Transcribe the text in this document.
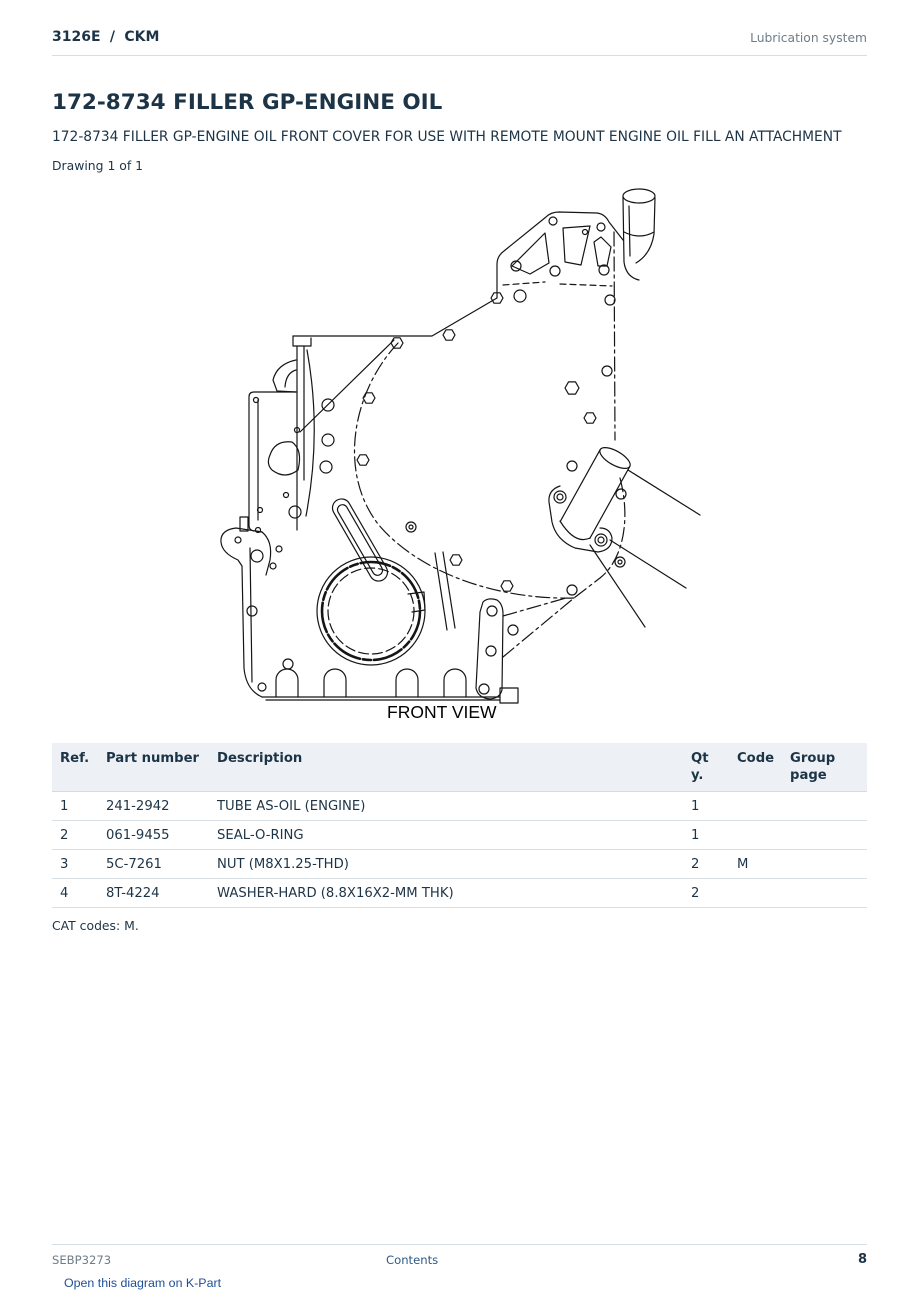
3126E / CKM	Lubrication system
172-8734 FILLER GP-ENGINE OIL
172-8734 FILLER GP-ENGINE OIL FRONT COVER FOR USE WITH REMOTE MOUNT ENGINE OIL FILL AN ATTACHMENT
Drawing 1 of 1
FRONT VIEW
Ref.	Part number	Description	Qty.	Code	Group page
1	241-2942	TUBE AS-OIL (ENGINE)	1		
2	061-9455	SEAL-O-RING	1		
3	5C-7261	NUT (M8X1.25-THD)	2	M	
4	8T-4224	WASHER-HARD (8.8X16X2-MM THK)	2		
CAT codes: M.
SEBP3273	Contents	8
Open this diagram on K-Part
